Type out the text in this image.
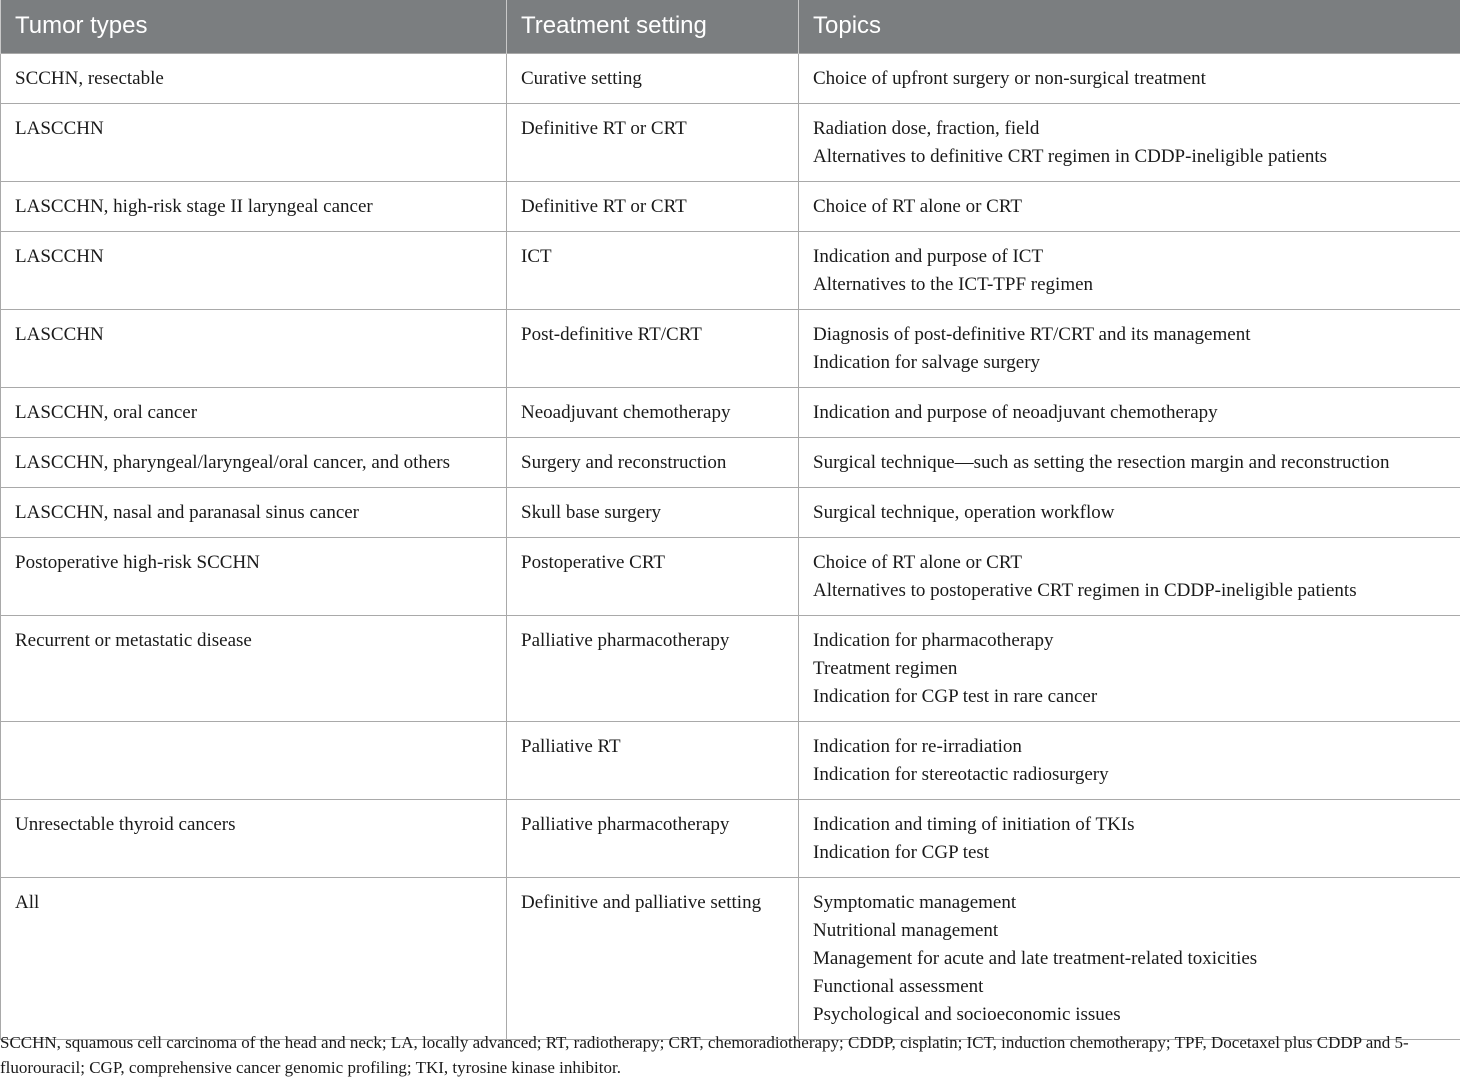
Tumor types	Treatment setting	Topics
SCCHN, resectable	Curative setting	Choice of upfront surgery or non-surgical treatment

LASCCHN	Definitive RT or CRT	Radiation dose, fraction, field
Alternatives to definitive CRT regimen in CDDP-ineligible patients

LASCCHN, high-risk stage II laryngeal cancer	Definitive RT or CRT	Choice of RT alone or CRT

LASCCHN	ICT	Indication and purpose of ICT
Alternatives to the ICT-TPF regimen

LASCCHN	Post-definitive RT/CRT	Diagnosis of post-definitive RT/CRT and its management
Indication for salvage surgery

LASCCHN, oral cancer	Neoadjuvant chemotherapy	Indication and purpose of neoadjuvant chemotherapy

LASCCHN, pharyngeal/laryngeal/oral cancer, and others	Surgery and reconstruction	Surgical technique—such as setting the resection margin and reconstruction

LASCCHN, nasal and paranasal sinus cancer	Skull base surgery	Surgical technique, operation workflow

Postoperative high-risk SCCHN	Postoperative CRT	Choice of RT alone or CRT
Alternatives to postoperative CRT regimen in CDDP-ineligible patients

Recurrent or metastatic disease	Palliative pharmacotherapy	Indication for pharmacotherapy
Treatment regimen
Indication for CGP test in rare cancer

	Palliative RT	Indication for re-irradiation
Indication for stereotactic radiosurgery

Unresectable thyroid cancers	Palliative pharmacotherapy	Indication and timing of initiation of TKIs
Indication for CGP test

All	Definitive and palliative setting	Symptomatic management
Nutritional management
Management for acute and late treatment-related toxicities
Functional assessment
Psychological and socioeconomic issues
SCCHN, squamous cell carcinoma of the head and neck; LA, locally advanced; RT, radiotherapy; CRT, chemoradiotherapy; CDDP, cisplatin; ICT, induction chemotherapy; TPF, Docetaxel plus CDDP and 5-fluorouracil; CGP, comprehensive cancer genomic profiling; TKI, tyrosine kinase inhibitor.
